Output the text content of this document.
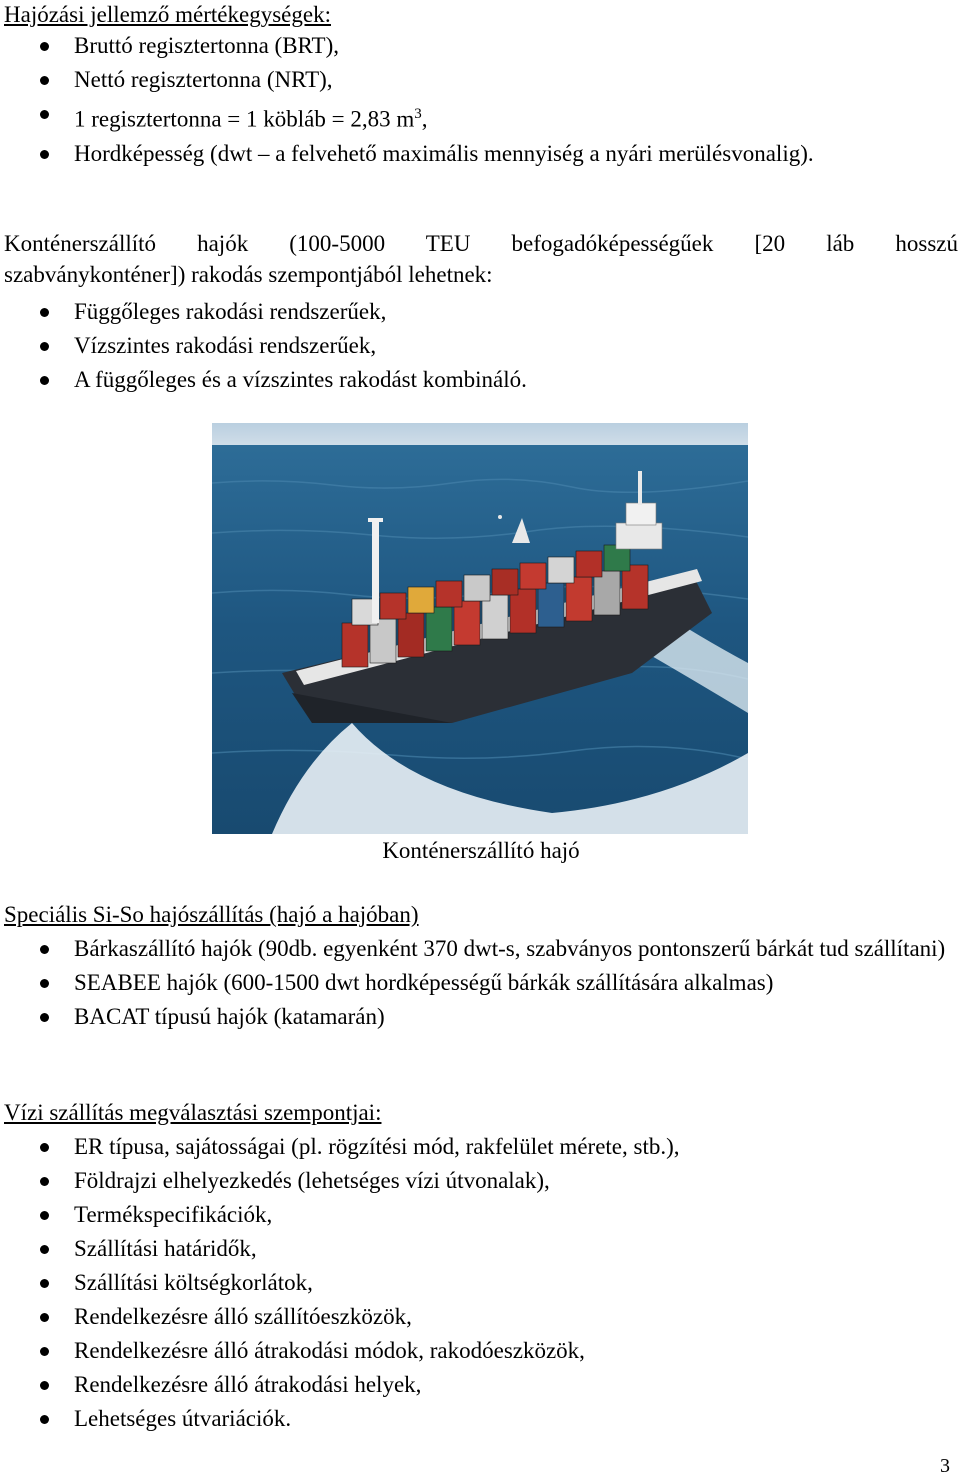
Hajózási jellemző mértékegységek:
Bruttó regisztertonna (BRT),
Nettó regisztertonna (NRT),
1 regisztertonna = 1 köbláb = 2,83 $m^3$,
Hordképesség (dwt – a felvehető maximális mennyiség a nyári merülésvonalig).
Konténerszállító hajók (100-5000 TEU befogadóképességűek [20 láb hosszú
szabványkonténer]) rakodás szempontjából lehetnek:
Függőleges rakodási rendszerűek,
Vízszintes rakodási rendszerűek,
A függőleges és a vízszintes rakodást kombináló.
Konténerszállító hajó
Speciális Si-So hajószállítás (hajó a hajóban)
Bárkaszállító hajók (90db. egyenként 370 dwt-s, szabványos pontonszerű bárkát tud szállítani)
SEABEE hajók (600-1500 dwt hordképességű bárkák szállítására alkalmas)
BACAT típusú hajók (katamarán)
Vízi szállítás megválasztási szempontjai:
ER típusa, sajátosságai (pl. rögzítési mód, rakfelület mérete, stb.),
Földrajzi elhelyezkedés (lehetséges vízi útvonalak),
Termékspecifikációk,
Szállítási határidők,
Szállítási költségkorlátok,
Rendelkezésre álló szállítóeszközök,
Rendelkezésre álló átrakodási módok, rakodóeszközök,
Rendelkezésre álló átrakodási helyek,
Lehetséges útvariációk.
3
